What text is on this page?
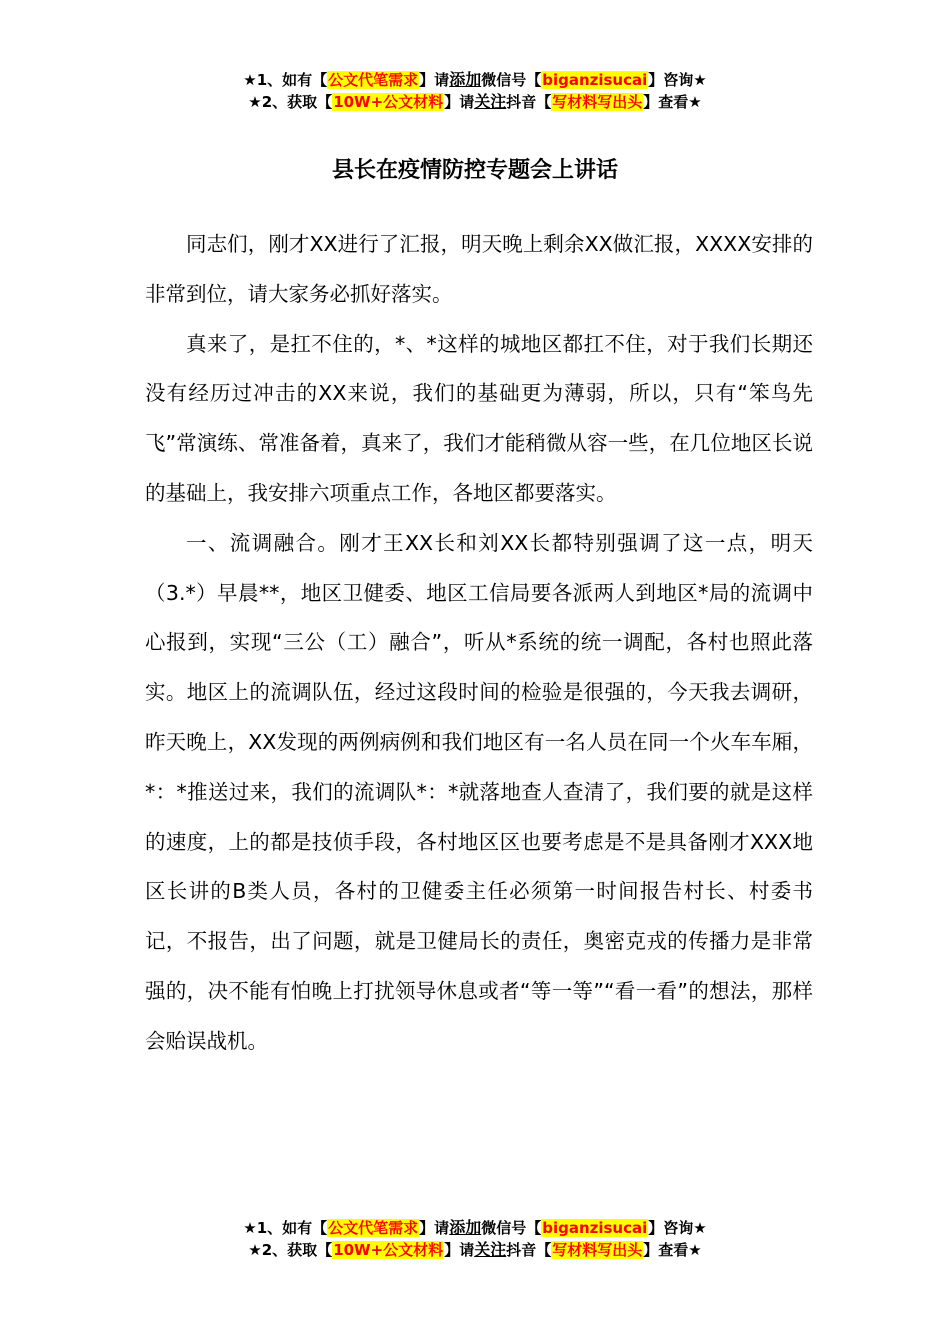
★1、如有【公文代笔需求】请添加微信号【biganzisucai】咨询★
★2、获取【10W+公文材料】请关注抖音【写材料写出头】查看★
县长在疫情防控专题会上讲话

同志们，刚才XX进行了汇报，明天晚上剩余XX做汇报，XXXX安排的非常到位，请大家务必抓好落实。

真来了，是扛不住的，*、*这样的城地区都扛不住，对于我们长期还没有经历过冲击的XX来说，我们的基础更为薄弱，所以，只有“笨鸟先飞”常演练、常准备着，真来了，我们才能稍微从容一些，在几位地区长说的基础上，我安排六项重点工作，各地区都要落实。

一、流调融合。刚才王XX长和刘XX长都特别强调了这一点，明天（3.*）早晨**，地区卫健委、地区工信局要各派两人到地区*局的流调中心报到，实现“三公（工）融合”，听从*系统的统一调配，各村也照此落实。地区上的流调队伍，经过这段时间的检验是很强的，今天我去调研，昨天晚上，XX发现的两例病例和我们地区有一名人员在同一个火车车厢，*：*推送过来，我们的流调队*：*就落地查人查清了，我们要的就是这样的速度，上的都是技侦手段，各村地区区也要考虑是不是具备刚才XXX地区长讲的B类人员，各村的卫健委主任必须第一时间报告村长、村委书记，不报告，出了问题，就是卫健局长的责任，奥密克戎的传播力是非常强的，决不能有怕晚上打扰领导休息或者“等一等”“看一看”的想法，那样会贻误战机。

★1、如有【公文代笔需求】请添加微信号【biganzisucai】咨询★
★2、获取【10W+公文材料】请关注抖音【写材料写出头】查看★
